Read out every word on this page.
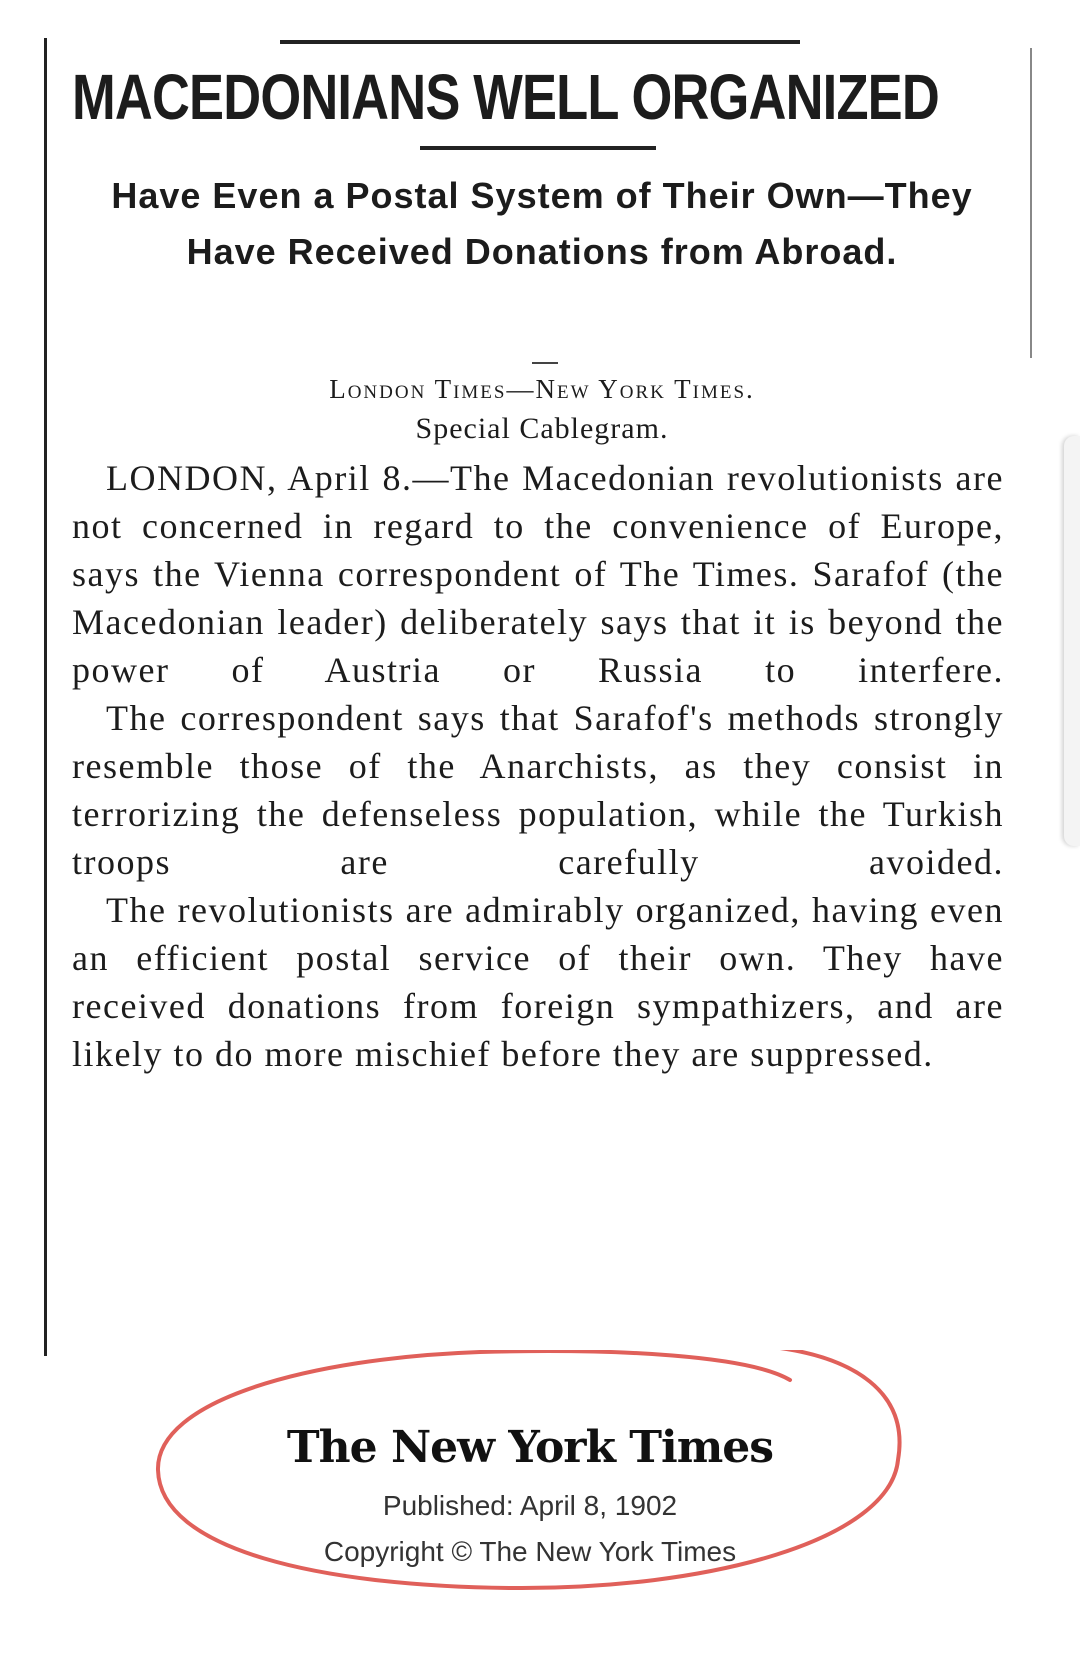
MACEDONIANS WELL ORGANIZED
Have Even a Postal System of Their Own—They Have Received Donations from Abroad.
London Times—New York Times.
Special Cablegram.

LONDON, April 8.—The Macedonian revolutionists are not concerned in regard to the convenience of Europe, says the Vienna correspondent of The Times. Sarafof (the Macedonian leader) deliberately says that it is beyond the power of Austria or Russia to interfere.

The correspondent says that Sarafof's methods strongly resemble those of the Anarchists, as they consist in terrorizing the defenseless population, while the Turkish troops are carefully avoided.

The revolutionists are admirably organized, having even an efficient postal service of their own. They have received donations from foreign sympathizers, and are likely to do more mischief before they are suppressed.

The New York Times
Published: April 8, 1902
Copyright © The New York Times
